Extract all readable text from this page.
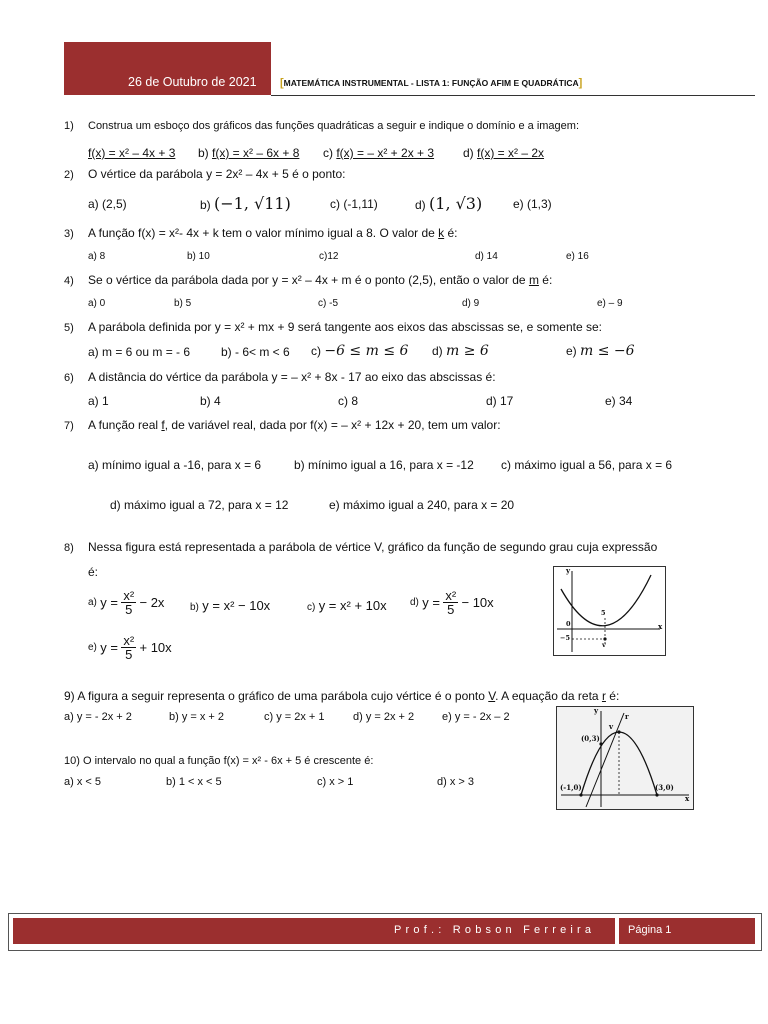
26 de Outubro de 2021 [MATEMÁTICA INSTRUMENTAL - LISTA 1: FUNÇÃO AFIM E QUADRÁTICA]
1) Construa um esboço dos gráficos das funções quadráticas a seguir e indique o domínio e a imagem:
f(x) = x² – 4x + 3 b) f(x) = x² – 6x + 8 c) f(x) = – x² + 2x + 3 d) f(x) = x² – 2x
2) O vértice da parábola y = 2x² – 4x + 5 é o ponto:
a) (2,5)	b) (−1, √11)	c) (-1,11)	d) (1, √3)	e) (1,3)
3) A função f(x) = x²- 4x + k tem o valor mínimo igual a 8. O valor de k é:
a) 8	b) 10	c)12	d) 14	e) 16
4) Se o vértice da parábola dada por y = x² – 4x + m é o ponto (2,5), então o valor de m é:
a) 0	b) 5	c) -5	d) 9	e) – 9
5) A parábola definida por y = x² + mx + 9 será tangente aos eixos das abscissas se, e somente se:
a) m = 6 ou m = - 6	b) - 6< m < 6 c) −6 ≤ m ≤ 6 d) m ≥ 6	e) m ≤ −6
6) A distância do vértice da parábola y = – x² + 8x - 17 ao eixo das abscissas é:
a) 1	b) 4	c) 8	d) 17	e) 34
7) A função real f, de variável real, dada por f(x) = – x² + 12x + 20, tem um valor:
a) mínimo igual a -16, para x = 6	b) mínimo igual a 16, para x = -12 c) máximo igual a 56, para x = 6
d) máximo igual a 72, para x = 12	e) máximo igual a 240, para x = 20
8) Nessa figura está representada a parábola de vértice V, gráfico da função de segundo grau cuja expressão
é:
a) $y = \frac{\text{x²}}{5} - 2x$	b) y = x² − 10x	c) y = x² + 10x d) $y = \frac{\text{x²}}{5} - 10x$
e) $y = \frac{\text{x²}}{5} + 10x$
y
x
5
0
−5
v
9) A figura a seguir representa o gráfico de uma parábola cujo vértice é o ponto V. A equação da reta r é:
a) y = - 2x + 2	b) y = x + 2	c) y = 2x + 1	d) y = 2x + 2	e) y = - 2x – 2
y
x
r
v
(0,3)
(-1,0)	(3,0)
10) O intervalo no qual a função f(x) = x² - 6x + 5 é crescente é:
a) x < 5	b) 1 < x < 5	c) x > 1	d) x > 3
Prof.: Robson Ferreira	Página 1
